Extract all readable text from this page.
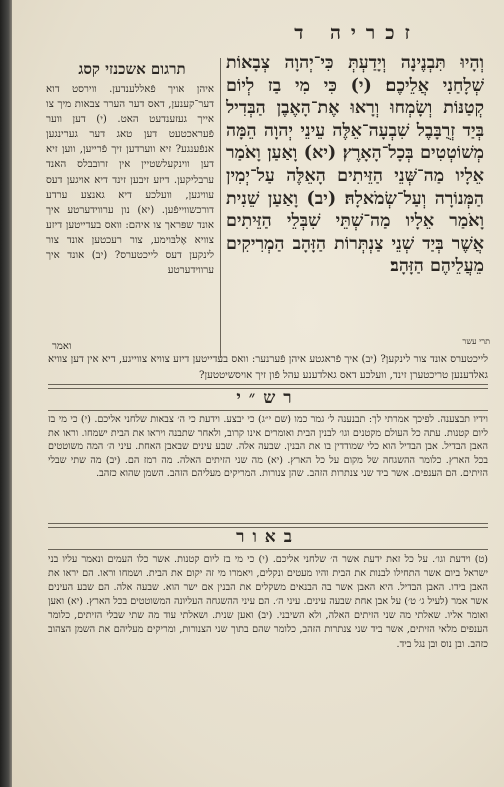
זכריה ד
תרגום אשכנזי קסג	וְהָיוּ תִּבְנֶינָה וְיָדַעְתְּ כִּי־יְהוָה צְבָאוֹת שְׁלָחַנִי אֲלֵיכֶם׃ (י) כִּי מִי בַז לְיוֹם קְטַנּוֹת וְשָׂמְחוּ וְרָאוּ אֶת־הָאֶבֶן הַבְּדִיל בְּיַד זְרֻבָּבֶל שִׁבְעָה־אֵלֶּה עֵינֵי יְהוָה הֵמָּה מְשׁוֹטְטִים בְּכָל־הָאָרֶץ׃ (יא) וָאַעַן וָאֹמַר אֵלָיו מַה־שְּׁנֵי הַזֵּיתִים הָאֵלֶּה עַל־יְמִין הַמְּנוֹרָה וְעַל־שְׂמֹאלָהּ׃ (יב) וָאַעַן שֵׁנִית וָאֹמַר אֵלָיו מַה־שְׁתֵּי שִׁבְּלֵי הַזֵּיתִים אֲשֶׁר בְּיַד שְׁנֵי צַנְתְּרוֹת הַזָּהָב הַמְרִיקִים מֵעֲלֵיהֶם הַזָּהָב׃
איהן אויך פֿאללענדען. ווירסט דוא דער־קענען, דאס דער הערר צבאות מיך צו אייך געזענדעט האט. (י) דען ווער פֿעראכטעט דען טאג דער גערינגען אנפֿענגע? זיא ווערדען זיך פֿרייען, ווען זיא דען ווינקעלשטיין אין זרובבלס האנד ערבליקען. דיזע זיבען זינד דיא אויגען דעס עוויגען, וועלכע דיא גאנצע ערדע דורכשווייפֿען. (יא) נון ערווידערטע איך אונד שפּראך צו איהם: וואס בעדייטען דיזע צוויא אֶלבּוימע, צור רעכטען אונד צור לינקען דעס לייכטערס? (יב) אונד איך ערווידערטע
תרי עשר
ואמר
לייכטערס אונד צור לינקען? (יב) איך פֿראגטע איהן פֿערנער: וואס בעדייטען דיזע צוויא צווייגע, דיא אין דען צוויא גאלדענען טריכטערן זינד, וועלכע דאס גאלדענע עהל פֿון זיך אויסשיטטען?
רש״י
וידיו תבצענה. לפיכך אמרתי לך: תבנענה ל׳ גמר כמו (שם י״ג) כי יבצע. וידעת כי ה׳ צבאות שלחני אליכם. (י) כי מי בז ליום קטנות. עתה כל העולם מקטנים וגו׳ לבנין הבית ואומרים אינו קרוב, ולאחר שתבנה ויראו את הבית ישמחו. וראו את האבן הבדיל. אבן הבדיל הוא כלי שמודדין בו את הבנין. שבעה אלה. שבע עינים שבאבן האחת. עיני ה׳ המה משוטטים בכל הארץ. כלומר ההשגחה של מקום על כל הארץ. (יא) מה שני הזיתים האלה. מה רמז הם. (יב) מה שתי שבלי הזיתים. הם הענפים. אשר ביד שני צנתרות הזהב. שהן צנורות. המריקים מעליהם הזהב. השמן שהוא כזהב.
באור
(ט) וידעת וגו׳. על כל זאת ידעת אשר ה׳ שלחני אליכם. (י) כי מי בז ליום קטנות. אשר כלו העמים ונאמר עליו בני ישראל ביום אשר התחילו לבנות את הבית והיו מעטים ונקלים, ויאמרו מי זה יקום את הבית. ושמחו וראו. הם יראו את האבן בידו. האבן הבדיל. היא האבן אשר בה הבנאים משקלים את הבנין אם ישר הוא. שבעה אלה. הם שבע העינים אשר אמר (לעיל ג׳ ט׳) על אבן אחת שבעה עינים. עיני ה׳. הם עיני ההשגחה העליונה המשוטטים בכל הארץ. (יא) ואען ואומר אליו. שאלתי מה שני הזיתים האלה, ולא השיבני. (יב) ואען שנית. ושאלתי עוד מה שתי שבלי הזיתים, כלומר הענפים מלאי הזיתים, אשר ביד שני צנתרות הזהב, כלומר שהם בתוך שני הצנורות, ומריקים מעליהם את השמן הצהוב כזהב. ובן נוס ובן נגל ביד.
